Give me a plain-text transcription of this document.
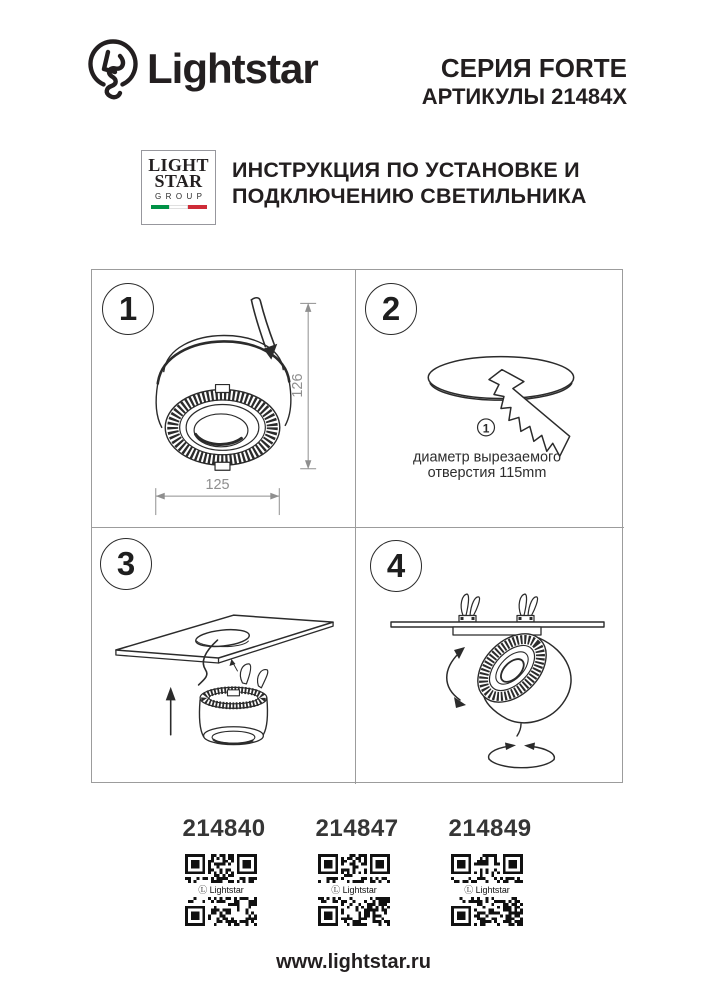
Lightstar	СЕРИЯ FORTE
АРТИКУЛЫ 21484X
LIGHT
STAR
GROUP
ИНСТРУКЦИЯ ПО УСТАНОВКЕ И
ПОДКЛЮЧЕНИЮ СВЕТИЛЬНИКА
126
125
1
1
диаметр вырезаемого
отверстия 115mm
2
3	4
214840
Ⓛ Lightstar
214847
Ⓛ Lightstar
214849
Ⓛ Lightstar
www.lightstar.ru
